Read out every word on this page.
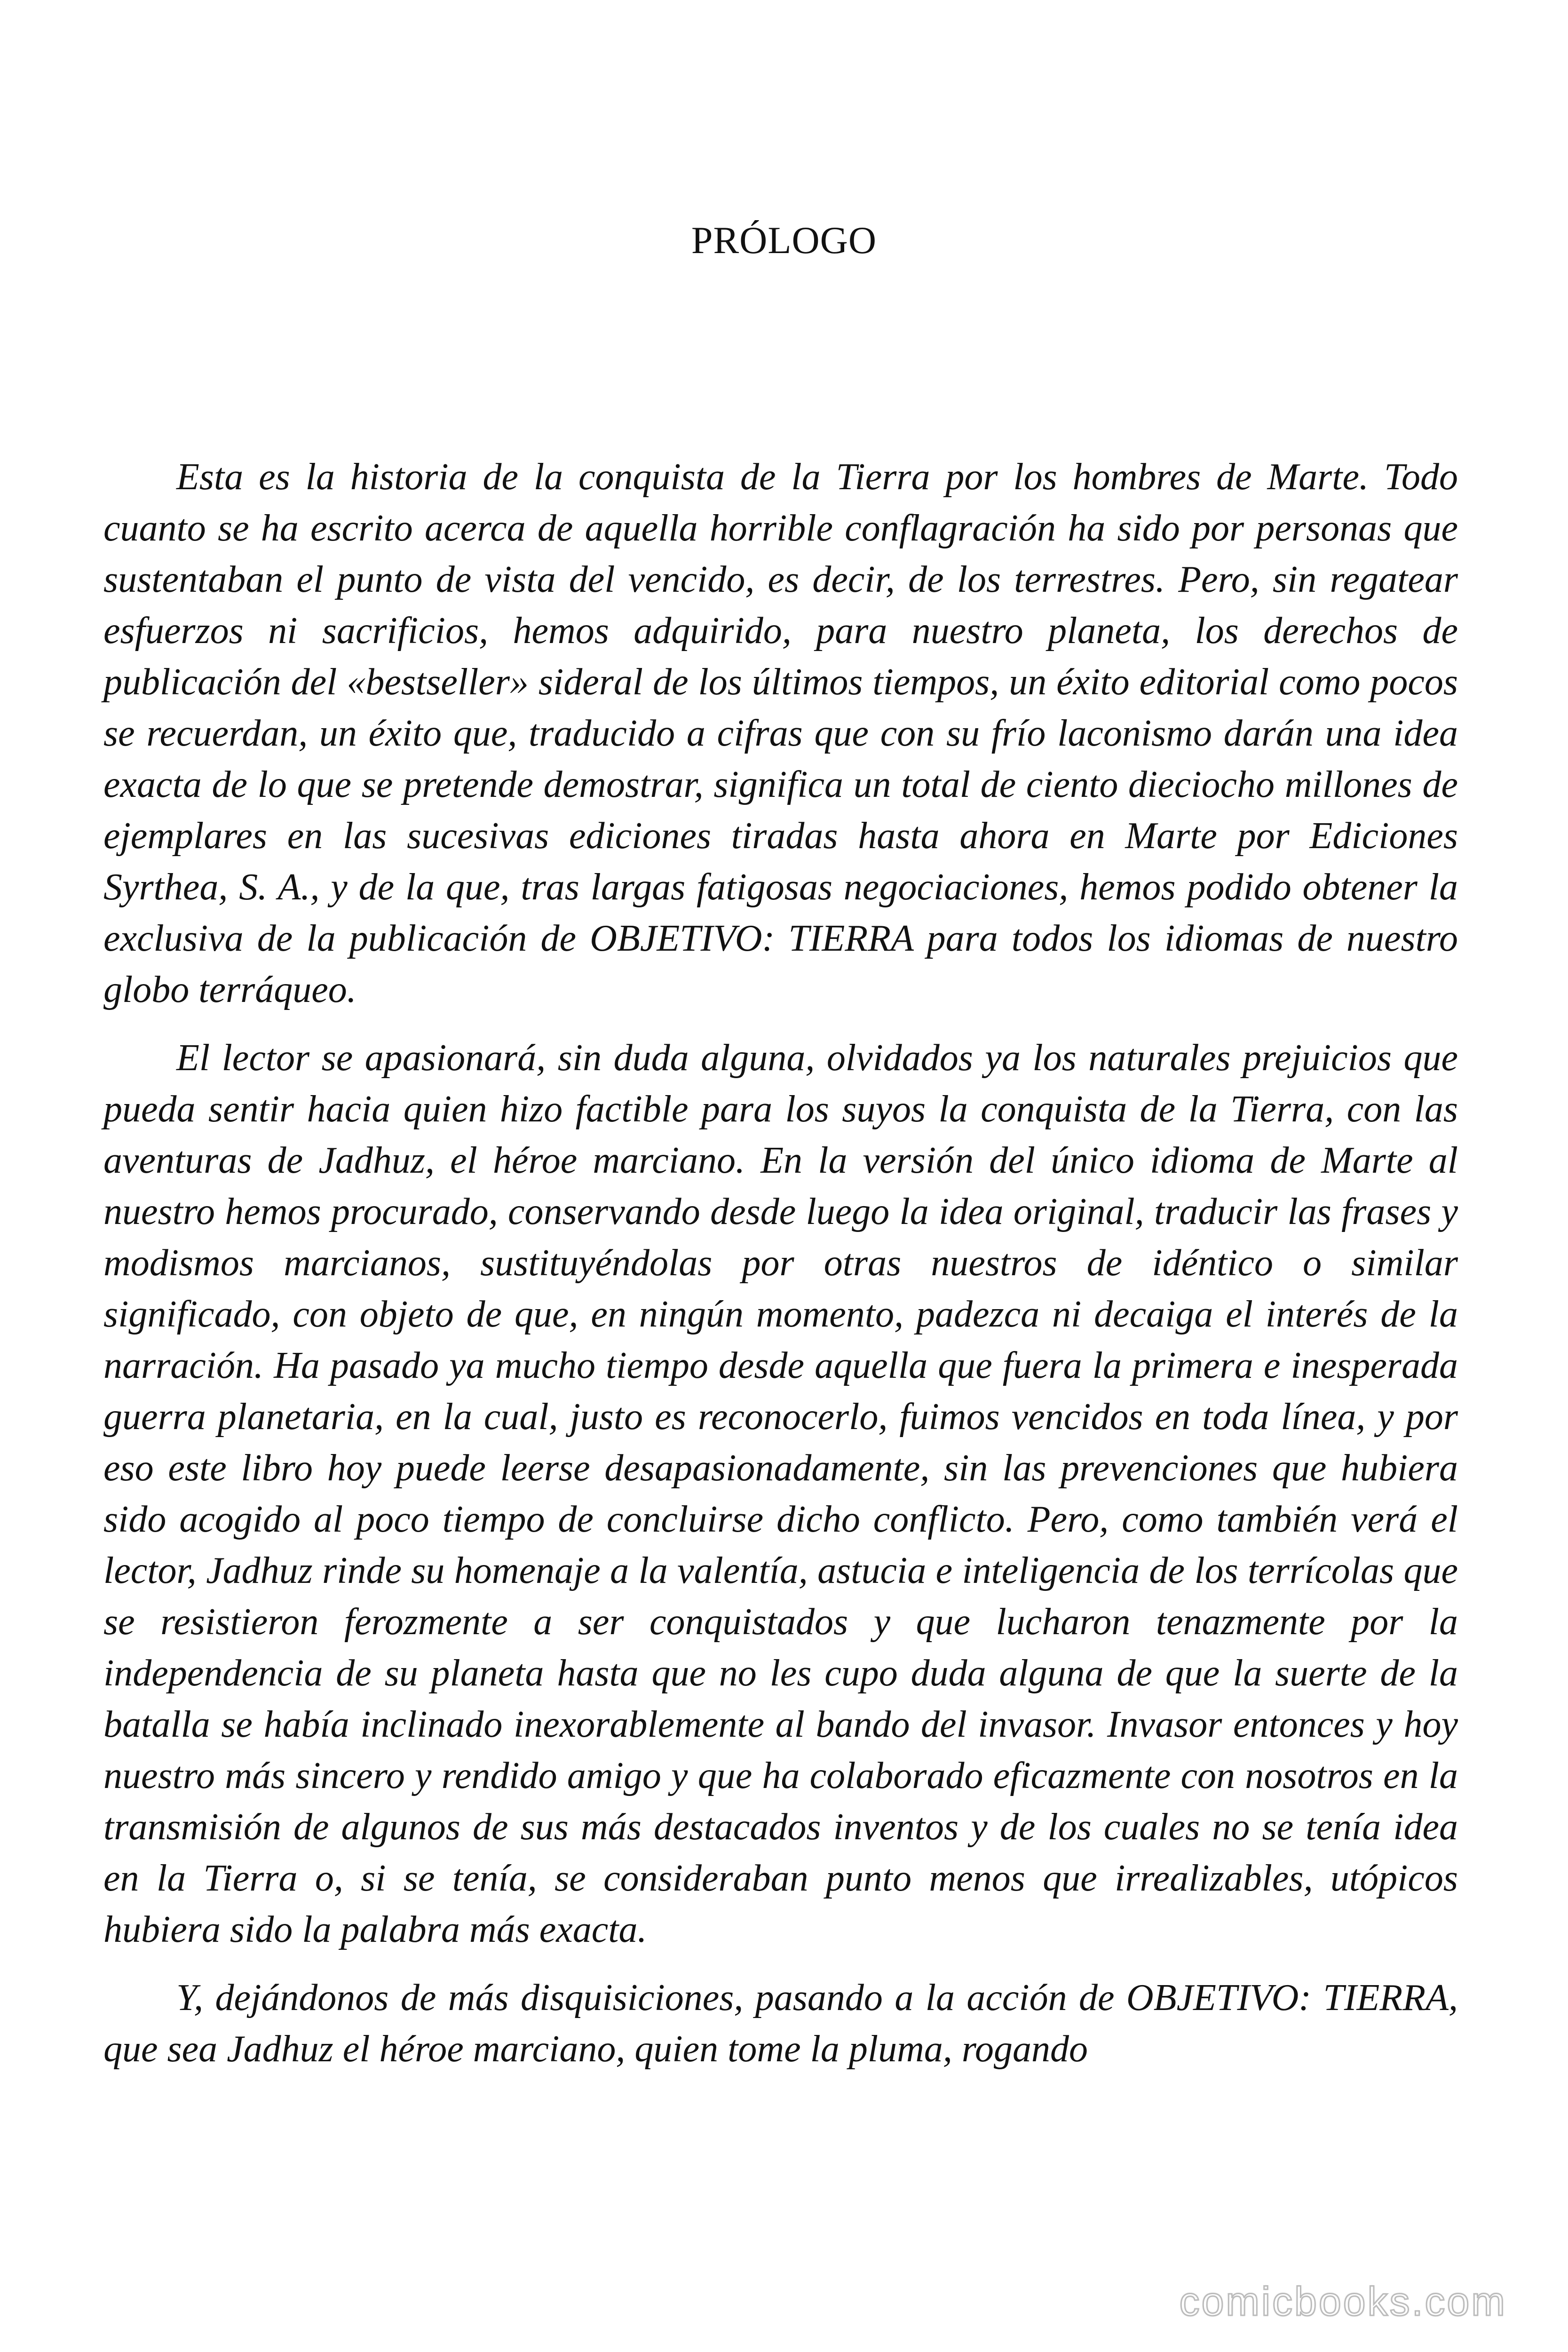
PRÓLOGO

Esta es la historia de la conquista de la Tierra por los hombres de Marte. Todo cuanto se ha escrito acerca de aquella horrible conflagración ha sido por personas que sustentaban el punto de vista del vencido, es decir, de los terrestres. Pero, sin regatear esfuerzos ni sacrificios, hemos adquirido, para nuestro planeta, los derechos de publicación del «bestseller» sideral de los últimos tiempos, un éxito editorial como pocos se recuerdan, un éxito que, traducido a cifras que con su frío laconismo darán una idea exacta de lo que se pretende demostrar, significa un total de ciento dieciocho millones de ejemplares en las sucesivas ediciones tiradas hasta ahora en Marte por Ediciones Syrthea, S. A., y de la que, tras largas fatigosas negociaciones, hemos podido obtener la exclusiva de la publicación de OBJETIVO: TIERRA para todos los idiomas de nuestro globo terráqueo.

El lector se apasionará, sin duda alguna, olvidados ya los naturales prejuicios que pueda sentir hacia quien hizo factible para los suyos la conquista de la Tierra, con las aventuras de Jadhuz, el héroe marciano. En la versión del único idioma de Marte al nuestro hemos procurado, conservando desde luego la idea original, traducir las frases y modismos marcianos, sustituyéndolas por otras nuestros de idéntico o similar significado, con objeto de que, en ningún momento, padezca ni decaiga el interés de la narración. Ha pasado ya mucho tiempo desde aquella que fuera la primera e inesperada guerra planetaria, en la cual, justo es reconocerlo, fuimos vencidos en toda línea, y por eso este libro hoy puede leerse desapasionadamente, sin las prevenciones que hubiera sido acogido al poco tiempo de concluirse dicho conflicto. Pero, como también verá el lector, Jadhuz rinde su homenaje a la valentía, astucia e inteligencia de los terrícolas que se resistieron ferozmente a ser conquistados y que lucharon tenazmente por la independencia de su planeta hasta que no les cupo duda alguna de que la suerte de la batalla se había inclinado inexorablemente al bando del invasor. Invasor entonces y hoy nuestro más sincero y rendido amigo y que ha colaborado eficazmente con nosotros en la transmisión de algunos de sus más destacados inventos y de los cuales no se tenía idea en la Tierra o, si se tenía, se consideraban punto menos que irrealizables, utópicos hubiera sido la palabra más exacta.

Y, dejándonos de más disquisiciones, pasando a la acción de OBJETIVO: TIERRA, que sea Jadhuz el héroe marciano, quien tome la pluma, rogando

comicbooks.com
